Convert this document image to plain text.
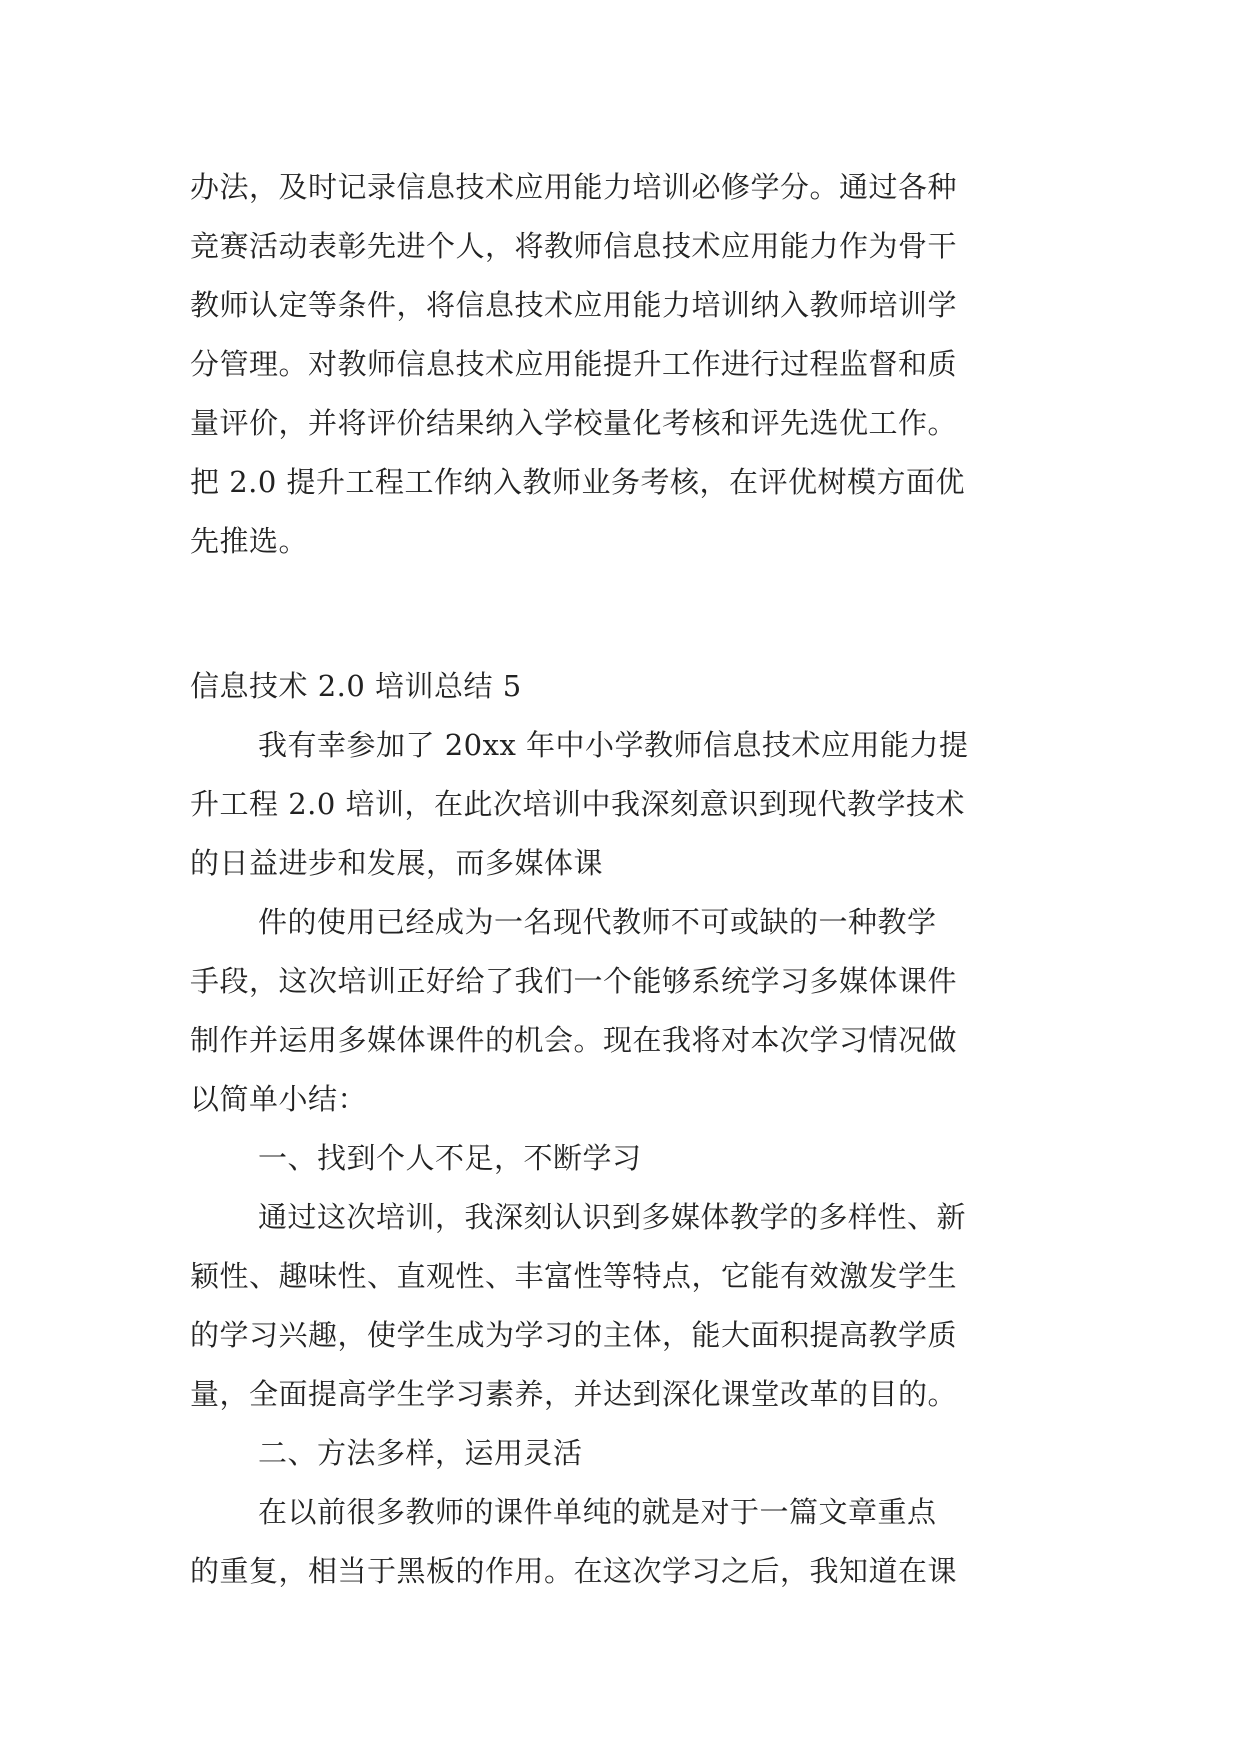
办法，及时记录信息技术应用能力培训必修学分。通过各种
竞赛活动表彰先进个人，将教师信息技术应用能力作为骨干
教师认定等条件，将信息技术应用能力培训纳入教师培训学
分管理。对教师信息技术应用能提升工作进行过程监督和质
量评价，并将评价结果纳入学校量化考核和评先选优工作。
把 2.0 提升工程工作纳入教师业务考核，在评优树模方面优
先推选。
信息技术 2.0 培训总结 5
我有幸参加了 20xx 年中小学教师信息技术应用能力提
升工程 2.0 培训，在此次培训中我深刻意识到现代教学技术
的日益进步和发展，而多媒体课
件的使用已经成为一名现代教师不可或缺的一种教学
手段，这次培训正好给了我们一个能够系统学习多媒体课件
制作并运用多媒体课件的机会。现在我将对本次学习情况做
以简单小结：
一、找到个人不足，不断学习
通过这次培训，我深刻认识到多媒体教学的多样性、新
颖性、趣味性、直观性、丰富性等特点，它能有效激发学生
的学习兴趣，使学生成为学习的主体，能大面积提高教学质
量，全面提高学生学习素养，并达到深化课堂改革的目的。
二、方法多样，运用灵活
在以前很多教师的课件单纯的就是对于一篇文章重点
的重复，相当于黑板的作用。在这次学习之后，我知道在课
